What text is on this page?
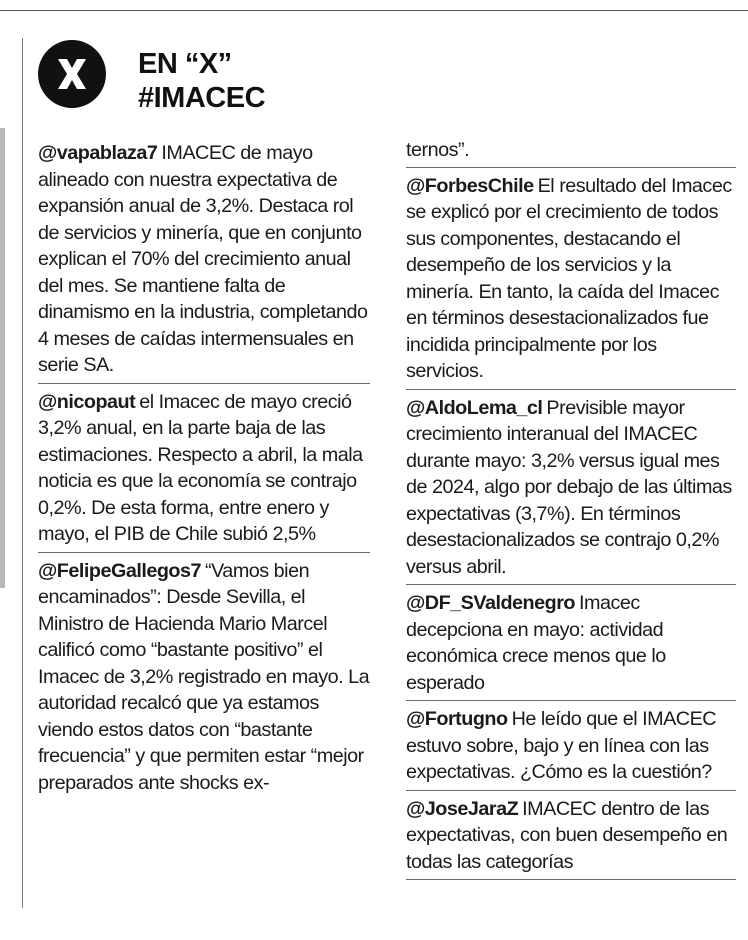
EN “X”
#IMACEC
@vapablaza7 IMACEC de mayo alineado con nuestra expectativa de expansión anual de 3,2%. Destaca rol de servicios y minería, que en conjunto explican el 70% del crecimiento anual del mes. Se mantiene falta de dinamismo en la industria, completando 4 meses de caídas intermensuales en serie SA.
@nicopaut el Imacec de mayo creció 3,2% anual, en la parte baja de las estimaciones. Respecto a abril, la mala noticia es que la economía se contrajo 0,2%. De esta forma, entre enero y mayo, el PIB de Chile subió 2,5%
@FelipeGallegos7 “Vamos bien encaminados”: Desde Sevilla, el Ministro de Hacienda Mario Marcel calificó como “bastante positivo” el Imacec de 3,2% registrado en mayo. La autoridad recalcó que ya estamos viendo estos datos con “bastante frecuencia” y que permiten estar “mejor preparados ante shocks ex-
ternos”.
@ForbesChile El resultado del Imacec se explicó por el crecimiento de todos sus componentes, destacando el desempeño de los servicios y la minería. En tanto, la caída del Imacec en términos desestacionalizados fue incidida principalmente por los servicios.
@AldoLema_cl Previsible mayor crecimiento interanual del IMACEC durante mayo: 3,2% versus igual mes de 2024, algo por debajo de las últimas expectativas (3,7%). En términos desestacionalizados se contrajo 0,2% versus abril.
@DF_SValdenegro Imacec decepciona en mayo: actividad económica crece menos que lo esperado
@Fortugno He leído que el IMACEC estuvo sobre, bajo y en línea con las expectativas. ¿Cómo es la cuestión?
@JoseJaraZ IMACEC dentro de las expectativas, con buen desempeño en todas las categorías
